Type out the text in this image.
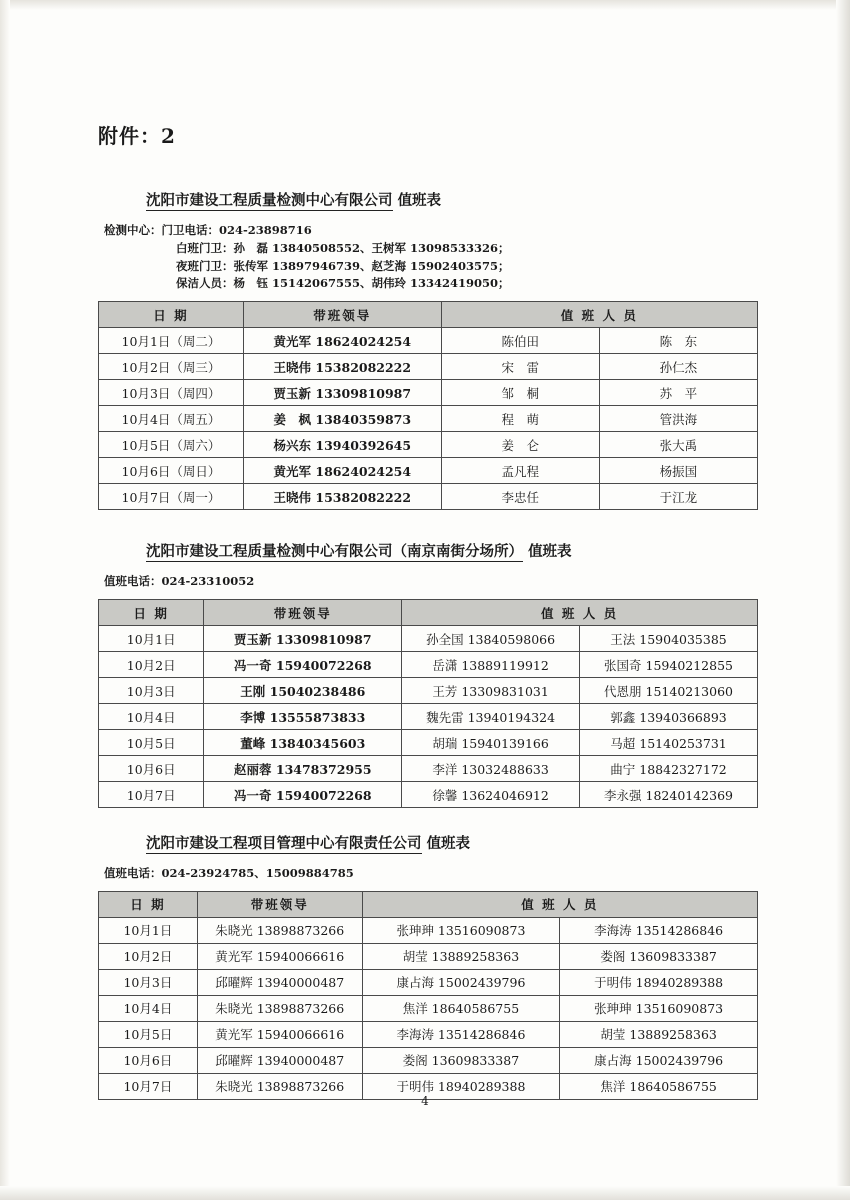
附件：2
沈阳市建设工程质量检测中心有限公司 值班表
检测中心：门卫电话：024-23898716
白班门卫：孙　磊 13840508552、王树军 13098533326；
夜班门卫：张传军 13897946739、赵芝海 15902403575；
保洁人员：杨　钰 15142067555、胡伟玲 13342419050；
日 期	带班领导	值 班 人 员	
10月1日（周二）	黄光军 18624024254	陈伯田	陈　东
10月2日（周三）	王晓伟 15382082222	宋　雷	孙仁杰
10月3日（周四）	贾玉新 13309810987	邹　桐	苏　平
10月4日（周五）	姜　枫 13840359873	程　萌	管洪海
10月5日（周六）	杨兴东 13940392645	姜　仑	张大禹
10月6日（周日）	黄光军 18624024254	孟凡程	杨振国
10月7日（周一）	王晓伟 15382082222	李忠任	于江龙
沈阳市建设工程质量检测中心有限公司（南京南街分场所） 值班表
值班电话：024-23310052
日 期	带班领导	值 班 人 员	
10月1日	贾玉新 13309810987	孙全国 13840598066	王法 15904035385
10月2日	冯一奇 15940072268	岳潇 13889119912	张国奇 15940212855
10月3日	王刚 15040238486	王芳 13309831031	代恩朋 15140213060
10月4日	李博 13555873833	魏先雷 13940194324	郭鑫 13940366893
10月5日	董峰 13840345603	胡瑞 15940139166	马超 15140253731
10月6日	赵丽蓉 13478372955	李洋 13032488633	曲宁 18842327172
10月7日	冯一奇 15940072268	徐馨 13624046912	李永强 18240142369
沈阳市建设工程项目管理中心有限责任公司 值班表
值班电话：024-23924785、15009884785
日 期	带班领导	值 班 人 员	
10月1日	朱晓光 13898873266	张珅珅 13516090873	李海涛 13514286846
10月2日	黄光军 15940066616	胡莹 13889258363	娄阁 13609833387
10月3日	邱曜辉 13940000487	康占海 15002439796	于明伟 18940289388
10月4日	朱晓光 13898873266	焦洋 18640586755	张珅珅 13516090873
10月5日	黄光军 15940066616	李海涛 13514286846	胡莹 13889258363
10月6日	邱曜辉 13940000487	娄阁 13609833387	康占海 15002439796
10月7日	朱晓光 13898873266	于明伟 18940289388	焦洋 18640586755
4
